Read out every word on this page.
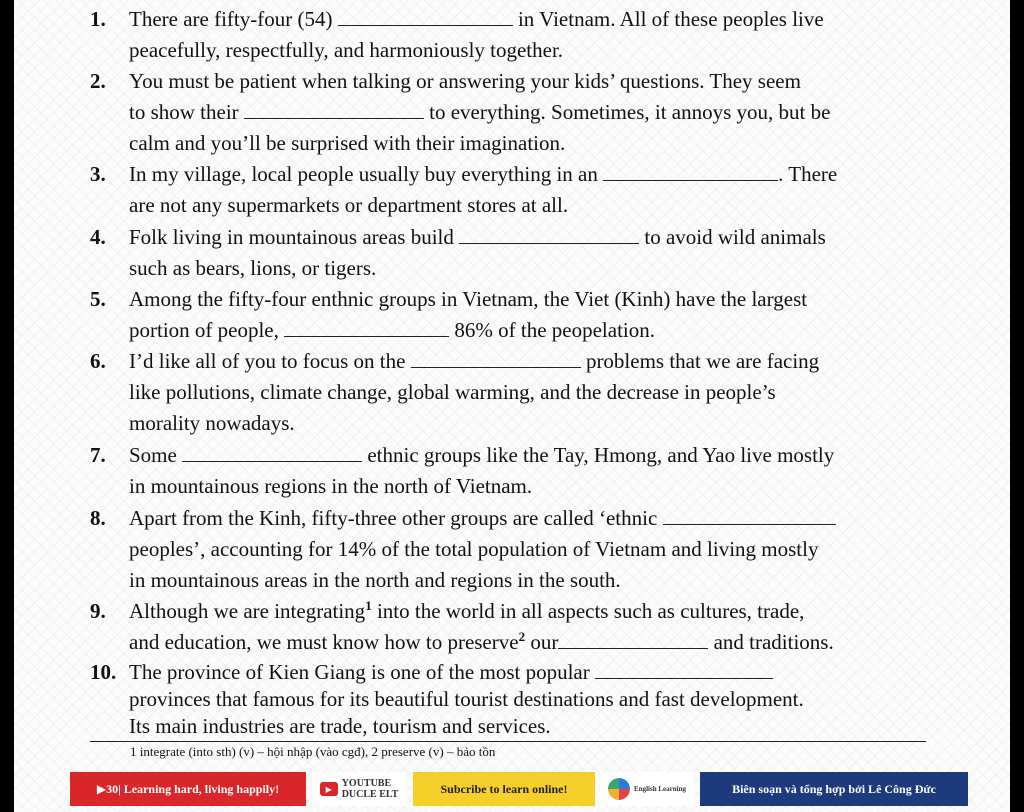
1.	There are fifty-four (54)	in Vietnam. All of these peoples live
peacefully, respectfully, and harmoniously together.
2.	You must be patient when talking or answering your kids’ questions. They seem
to show their	to everything. Sometimes, it annoys you, but be
calm and you’ll be surprised with their imagination.
3.	In my village, local people usually buy everything in an	. There
are not any supermarkets or department stores at all.
4.	Folk living in mountainous areas build	to avoid wild animals
such as bears, lions, or tigers.
5.	Among the fifty-four enthnic groups in Vietnam, the Viet (Kinh) have the largest
portion of people,	86% of the peopelation.
6.	I’d like all of you to focus on the	problems that we are facing
like pollutions, climate change, global warming, and the decrease in people’s
morality nowadays.
7.	Some	ethnic groups like the Tay, Hmong, and Yao live mostly
in mountainous regions in the north of Vietnam.
8.	Apart from the Kinh, fifty-three other groups are called ‘ethnic
peoples’, accounting for 14% of the total population of Vietnam and living mostly
in mountainous areas in the north and regions in the south.
9.	Although we are integrating$^1$ into the world in all aspects such as cultures, trade,
and education, we must know how to preserve$^2$ our	and traditions.
10. The province of Kien Giang is one of the most popular
provinces that famous for its beautiful tourist destinations and fast development.
Its main industries are trade, tourism and services.
1 integrate (into sth) (v) – hội nhập (vào cgđ), 2 preserve (v) – bảo tồn
▶30| Learning hard, living happily!	▶
YOUTUBE
DUCLE ELT	Subcribe to learn online!	English Learning	Biên soạn và tổng hợp bởi Lê Công Đức
